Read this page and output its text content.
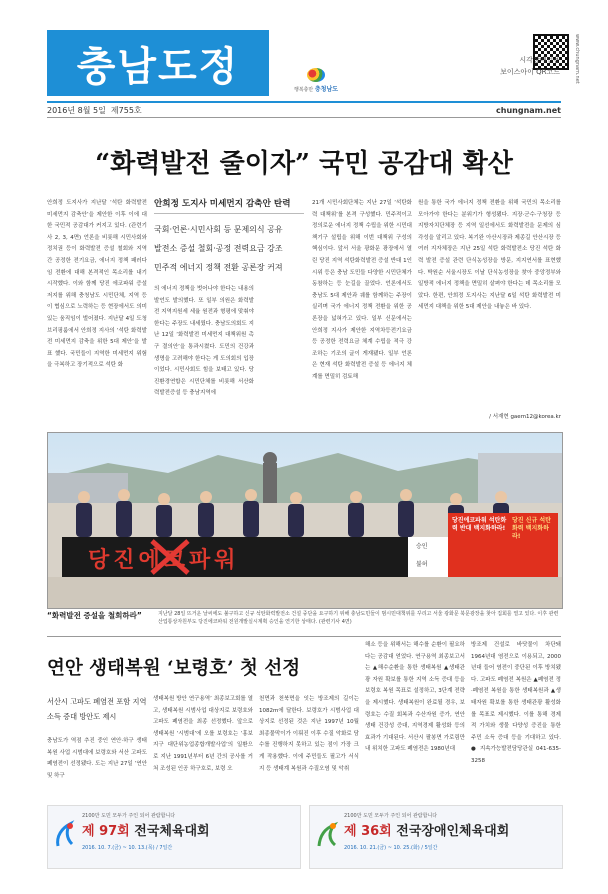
충남도정
행복충만 충청남도
www.chungnam.net
시각장애인용
보이스아이 QR코드
2016년 8월 5일 제755호	chungnam.net
“화력발전 줄이자” 국민 공감대 확산
안희정 도지사가 지난달 ‘석탄 화력발전 미세먼지 감축안’을 제안한 이후 이에 대한 국민적 공감대가 커지고 있다. (관련기사 2, 3, 4면) 언론을 비롯해 시민사회와 정치권 등이 화력발전 증설 철회와 지역 간 공정한 전기요금, 에너지 정책 패러다임 전환에 대해 본격적인 목소리를 내기 시작했다. 이와 함께 당진 에코파워 증설저지를 위해 충청남도 시민단체, 지역 등이 협심으로 노력하는 등 현장에서도 의미 있는 움직임이 벌어졌다. 지난달 4일 도청 브리핑룸에서 안희정 지사의 ‘석탄 화력발전 미세먼지 감축을 위한 5대 제안’을 발표 했다. 국민들이 지역한 미세먼지 위험을 극복하고 장기적으로 석탄 화
안희정 도지사 미세먼지 감축안 탄력
국회·언론·시민사회 등 문제의식 공유
발전소 증설 철회·공정 전력요금 강조
민주적 에너지 정책 전환 공론장 커져
의 에너지 정책을 벗어나야 한다는 내용의 발언도 발의했다. 또 일부 의원은 화력발전 지역지원세 세율 원전과 형평에 맞춰야 한다는 주장도 내세웠다. 충남도의회도 지난 12일 ‘화력발전 미세먼지 대책위원 촉구 결의안’을 통과시켰다. 도민의 건강과 생명을 고려해야 한다는 게 도의회의 입장이었다. 시민사회도 힘을 보태고 있다. 당진환경연합은 시민단체를 비롯해 서산화력발전증설 등 충남지역에
21개 시민사회단체는 지난 27일 ‘석탄화력 대책위’를 본격 구성했다. 민주적이고 정의로운 에너지 정책 수립을 위한 시민대책기구 설립을 위해 이번 대책위 구성의 핵심이다. 앞서 서울 광화문 광장에서 열린 당진 지역 석탄화력발전 증설 반대 1인시위 등은 충남 도민들 다양한 시민단체가 동참하는 등 눈길을 끌었다. 언론에서도 충남도 5대 제안과 궤를 함께하는 주장이 실리며 국가 에너지 정책 전환을 위한 공론장을 넓혀가고 있다. 일부 신문에서는 안희정 지사가 제안한 지역차등전기요금 등 공정한 전력요금 체계 수립을 적극 강조하는 기조의 글이 게재됐다. 일부 언론은 현재 석탄 화력발전 증설 등 에너지 체계를 면밀히 검토해
원을 통한 국가 에너지 정책 전환을 위해 국민의 목소리를 모아가야 한다는 분위기가 형성됐다. 지장·군수·구청장 등 지방자치단체장 등 지역 일선에서도 화력발전을 문제의 심각성을 알리고 있다. 복기완 아산시장과 제종길 안산시장 등 여러 지자체장은 지난 25일 석탄 화력발전소 당진 석탄 화력 발전 증설 관련 단식농성장을 방문, 지지연서를 표현했다. 박원순 서울시장도 이날 단식농성장을 찾아 중앙정부와 일방적 에너지 정책을 면밀히 살펴야 한다는 데 목소리를 모았다. 한편, 안희정 도지사는 지난달 6일 석탄 화력발전 미세먼지 대책을 위한 5대 제안을 내놓은 바 있다.
/ 서재현 gaem12@korea.kr
당진에코파워
승인
불허
당진에코파워 석탄화력 반대 백지화하라!
당진 신규 석탄화력 백지화하라!
“화력발전 증설을 철회하라”	지난달 28일 뜨거운 날씨에도 불구하고 신규 석탄화력발전소 건설 중단을 요구하기 위해 충남도민들이 범시민대책위를 꾸리고 서울 광화문 북문광장을 찾아 집회를 열고 있다. 이후 관련 산업통상자원부도 당진에코파워 전원개발실시계획 승인을 연기한 상태다. (관련기사 4면)
연안 생태복원 ‘보령호’ 첫 선정
서산시 고파도 폐염전 포함 지역소득 증대 방안도 제시
충남도가 역점 추진 중인 연안·하구 생태복원 사업 시범대에 보령호와 서산 고파도 폐염전이 선정됐다. 도는 지난 27일 ‘연안 및 하구
생태복원 방안 연구용역’ 최종보고회를 열고, 생태복원 시범사업 대상지로 보령호와 고파도 폐염전을 최종 선정했다. 앞으로 생태복원 ‘시범대’에 오를 보령호는 ‘홍보지구 대단위농업종합개발사업’의 일환으로 지난 1991년부터 6년 간의 공사를 거쳐 조성된 인공 하구호로, 보령 오
천면과 천북면을 잇는 방조제의 길이는 1082m에 달한다. 보령호가 시범사업 대상지로 선정된 것은 지난 1997년 10월 최종물막이가 이뤄진 이후 수질 악화로 담수를 진행하지 못하고 있는 점이 가장 크게 작용했다. 이에 주민들도 필고가 서식지 등 생태계 복원과 수질오염 및 악취
해소 등을 위해서는 해수를 순환이 필요하다는 공감대 얻었다. 연구용역 최종보고서는 ▲해수순환을 통한 생태복원 ▲생태관광 자원 확보를 통한 지역 소득 증대 등을 보령호 복원 목표로 설정하고, 3단계 전략을 제시했다. 생태복원이 완료될 경우, 보령호는 수질 회복과 수산자원 증가, 연안 생태 건강성 증대, 지역경제 활성화 등의 효과가 기대된다. 서산시 팔봉면 가로림만 내 위치한 고파도 폐염전은 1980년대
방조제 건설로 바닷물이 차단돼 1964년대 염전으로 이용되고, 2000년대 들어 염전이 중단된 이후 방치됐다. 고파도 폐염전 복원은 ▲폐염전 정·폐염전 복원을 통한 생태복원과 ▲생태자원 확보를 통한 생태관광 활성화를 목표로 제시했다. 이를 통해 경제적 가치와 생물 다양성 증진을 통한 주민 소득 증대 등을 기대하고 있다. ● 지속가능발전담당관실 041-635-3258
2100만 도민 모두가 주인 되어 관람합니다
제 97회 전국체육대회
2016. 10. 7.(금) ~ 10. 13.(목) / 7일간
2100만 도민 모두가 주인 되어 관람합니다
제 36회 전국장애인체육대회
2016. 10. 21.(금) ~ 10. 25.(화) / 5일간
